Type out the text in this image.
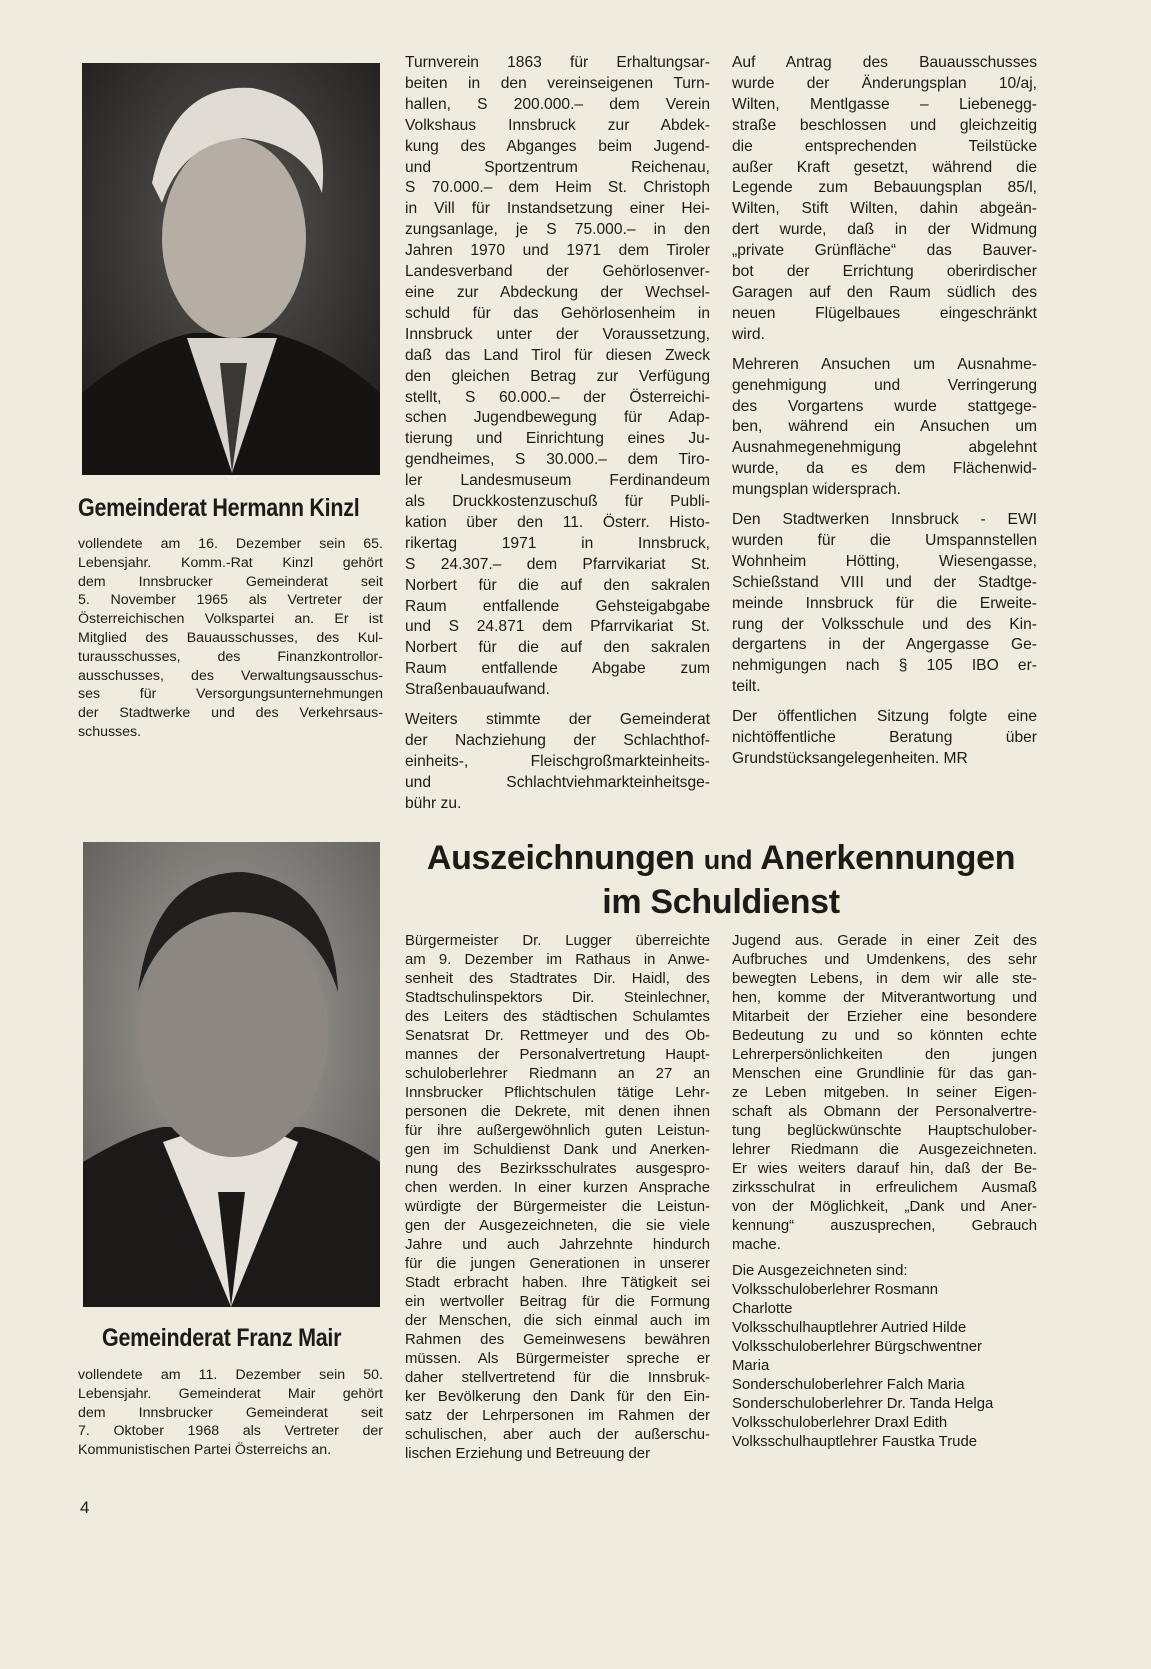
Gemeinderat Hermann Kinzl
vollendete am 16. Dezember sein 65.
Lebensjahr. Komm.-Rat Kinzl gehört
dem Innsbrucker Gemeinderat seit
5. November 1965 als Vertreter der
Österreichischen Volkspartei an. Er ist
Mitglied des Bauausschusses, des Kul-
turausschusses, des Finanzkontrollor-
ausschusses, des Verwaltungsausschus-
ses für Versorgungsunternehmungen
der Stadtwerke und des Verkehrsaus-
schusses.
Gemeinderat Franz Mair
vollendete am 11. Dezember sein 50.
Lebensjahr. Gemeinderat Mair gehört
dem Innsbrucker Gemeinderat seit
7. Oktober 1968 als Vertreter der
Kommunistischen Partei Österreichs an.
Turnverein 1863 für Erhaltungsar-
beiten in den vereinseigenen Turn-
hallen, S 200.000.– dem Verein
Volkshaus Innsbruck zur Abdek-
kung des Abganges beim Jugend-
und Sportzentrum Reichenau,
S 70.000.– dem Heim St. Christoph
in Vill für Instandsetzung einer Hei-
zungsanlage, je S 75.000.– in den
Jahren 1970 und 1971 dem Tiroler
Landesverband der Gehörlosenver-
eine zur Abdeckung der Wechsel-
schuld für das Gehörlosenheim in
Innsbruck unter der Voraussetzung,
daß das Land Tirol für diesen Zweck
den gleichen Betrag zur Verfügung
stellt, S 60.000.– der Österreichi-
schen Jugendbewegung für Adap-
tierung und Einrichtung eines Ju-
gendheimes, S 30.000.– dem Tiro-
ler Landesmuseum Ferdinandeum
als Druckkostenzuschuß für Publi-
kation über den 11. Österr. Histo-
rikertag 1971 in Innsbruck,
S 24.307.– dem Pfarrvikariat St.
Norbert für die auf den sakralen
Raum entfallende Gehsteigabgabe
und S 24.871 dem Pfarrvikariat St.
Norbert für die auf den sakralen
Raum entfallende Abgabe zum
Straßenbauaufwand.
Weiters stimmte der Gemeinderat
der Nachziehung der Schlachthof-
einheits-, Fleischgroßmarkteinheits-
und Schlachtviehmarkteinheitsge-
bühr zu.
Auf Antrag des Bauausschusses
wurde der Änderungsplan 10/aj,
Wilten, Mentlgasse – Liebenegg-
straße beschlossen und gleichzeitig
die entsprechenden Teilstücke
außer Kraft gesetzt, während die
Legende zum Bebauungsplan 85/l,
Wilten, Stift Wilten, dahin abgeän-
dert wurde, daß in der Widmung
„private Grünfläche“ das Bauver-
bot der Errichtung oberirdischer
Garagen auf den Raum südlich des
neuen Flügelbaues eingeschränkt
wird.
Mehreren Ansuchen um Ausnahme-
genehmigung und Verringerung
des Vorgartens wurde stattgege-
ben, während ein Ansuchen um
Ausnahmegenehmigung abgelehnt
wurde, da es dem Flächenwid-
mungsplan widersprach.
Den Stadtwerken Innsbruck - EWI
wurden für die Umspannstellen
Wohnheim Hötting, Wiesengasse,
Schießstand VIII und der Stadtge-
meinde Innsbruck für die Erweite-
rung der Volksschule und des Kin-
dergartens in der Angergasse Ge-
nehmigungen nach § 105 IBO er-
teilt.
Der öffentlichen Sitzung folgte eine
nichtöffentliche Beratung über
Grundstücksangelegenheiten. MR
Auszeichnungen und Anerkennungen
im Schuldienst
Bürgermeister Dr. Lugger überreichte
am 9. Dezember im Rathaus in Anwe-
senheit des Stadtrates Dir. Haidl, des
Stadtschulinspektors Dir. Steinlechner,
des Leiters des städtischen Schulamtes
Senatsrat Dr. Rettmeyer und des Ob-
mannes der Personalvertretung Haupt-
schuloberlehrer Riedmann an 27 an
Innsbrucker Pflichtschulen tätige Lehr-
personen die Dekrete, mit denen ihnen
für ihre außergewöhnlich guten Leistun-
gen im Schuldienst Dank und Anerken-
nung des Bezirksschulrates ausgespro-
chen werden. In einer kurzen Ansprache
würdigte der Bürgermeister die Leistun-
gen der Ausgezeichneten, die sie viele
Jahre und auch Jahrzehnte hindurch
für die jungen Generationen in unserer
Stadt erbracht haben. Ihre Tätigkeit sei
ein wertvoller Beitrag für die Formung
der Menschen, die sich einmal auch im
Rahmen des Gemeinwesens bewähren
müssen. Als Bürgermeister spreche er
daher stellvertretend für die Innsbruk-
ker Bevölkerung den Dank für den Ein-
satz der Lehrpersonen im Rahmen der
schulischen, aber auch der außerschu-
lischen Erziehung und Betreuung der
Jugend aus. Gerade in einer Zeit des
Aufbruches und Umdenkens, des sehr
bewegten Lebens, in dem wir alle ste-
hen, komme der Mitverantwortung und
Mitarbeit der Erzieher eine besondere
Bedeutung zu und so könnten echte
Lehrerpersönlichkeiten den jungen
Menschen eine Grundlinie für das gan-
ze Leben mitgeben. In seiner Eigen-
schaft als Obmann der Personalvertre-
tung beglückwünschte Hauptschulober-
lehrer Riedmann die Ausgezeichneten.
Er wies weiters darauf hin, daß der Be-
zirksschulrat in erfreulichem Ausmaß
von der Möglichkeit, „Dank und Aner-
kennung“ auszusprechen, Gebrauch
mache.
Die Ausgezeichneten sind:
Volksschuloberlehrer Rosmann
Charlotte
Volksschulhauptlehrer Autried Hilde
Volksschuloberlehrer Bürgschwentner
Maria
Sonderschuloberlehrer Falch Maria
Sonderschuloberlehrer Dr. Tanda Helga
Volksschuloberlehrer Draxl Edith
Volksschulhauptlehrer Faustka Trude
4
